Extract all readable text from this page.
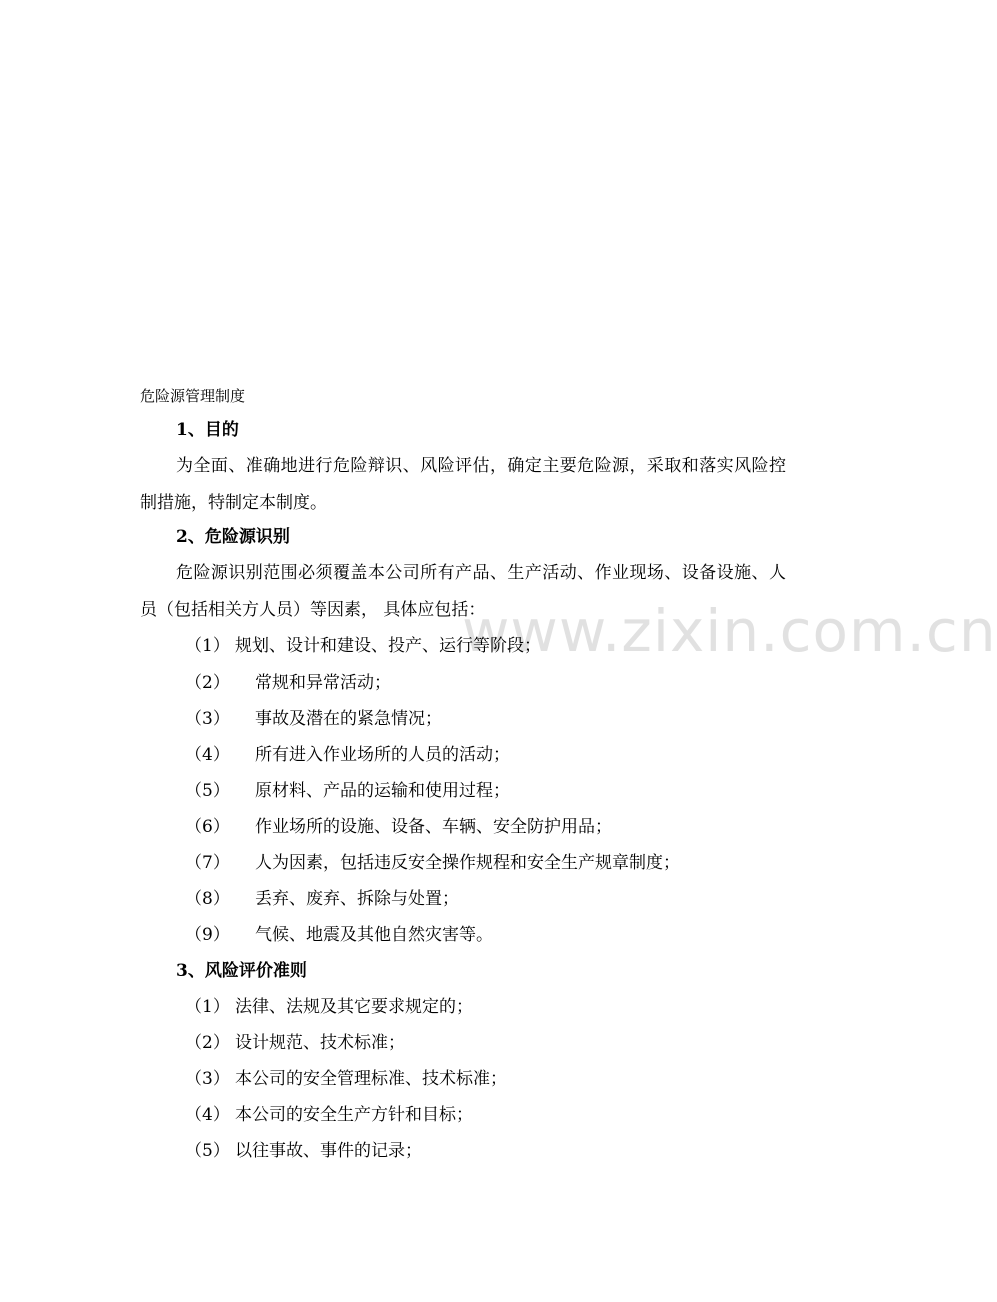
www.zixin.com.cn
危险源管理制度
1、目的
为全面、准确地进行危险辩识、风险评估，确定主要危险源，采取和落实风险控制措施，特制定本制度。
2、危险源识别
危险源识别范围必须覆盖本公司所有产品、生产活动、作业现场、设备设施、人员（包括相关方人员）等因素， 具体应包括：
（1） 规划、设计和建设、投产、运行等阶段；
（2） 常规和异常活动；
（3） 事故及潜在的紧急情况；
（4） 所有进入作业场所的人员的活动；
（5） 原材料、产品的运输和使用过程；
（6） 作业场所的设施、设备、车辆、安全防护用品；
（7） 人为因素，包括违反安全操作规程和安全生产规章制度；
（8） 丢弃、废弃、拆除与处置；
（9） 气候、地震及其他自然灾害等。
3、风险评价准则
（1） 法律、法规及其它要求规定的；
（2） 设计规范、技术标准；
（3） 本公司的安全管理标准、技术标准；
（4） 本公司的安全生产方针和目标；
（5） 以往事故、事件的记录；
